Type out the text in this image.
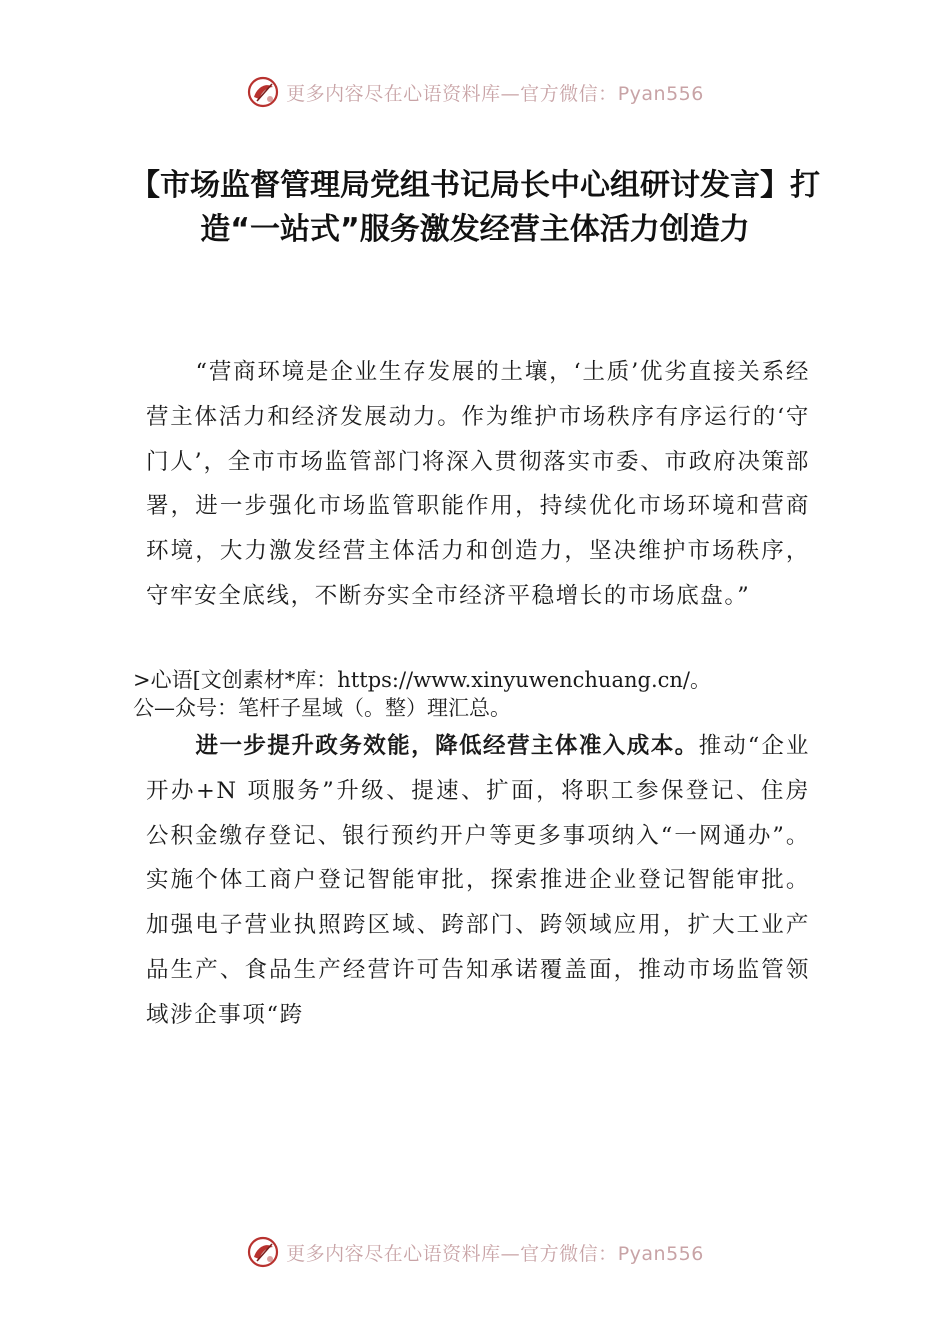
更多内容尽在心语资料库—官方微信：Pyan556
【市场监督管理局党组书记局长中心组研讨发言】打造“一站式”服务激发经营主体活力创造力

“营商环境是企业生存发展的土壤，‘土质’优劣直接关系经营主体活力和经济发展动力。作为维护市场秩序有序运行的‘守门人’，全市市场监管部门将深入贯彻落实市委、市政府决策部署，进一步强化市场监管职能作用，持续优化市场环境和营商环境，大力激发经营主体活力和创造力，坚决维护市场秩序，守牢安全底线，不断夯实全市经济平稳增长的市场底盘。”

>心语[文创素材*库：https://www.xinyuwenchuang.cn/。
公—众号：笔杆子星域（。整）理汇总。

进一步提升政务效能，降低经营主体准入成本。推动“企业开办+N 项服务”升级、提速、扩面，将职工参保登记、住房公积金缴存登记、银行预约开户等更多事项纳入“一网通办”。实施个体工商户登记智能审批，探索推进企业登记智能审批。加强电子营业执照跨区域、跨部门、跨领域应用，扩大工业产品生产、食品生产经营许可告知承诺覆盖面，推动市场监管领域涉企事项“跨

更多内容尽在心语资料库—官方微信：Pyan556
